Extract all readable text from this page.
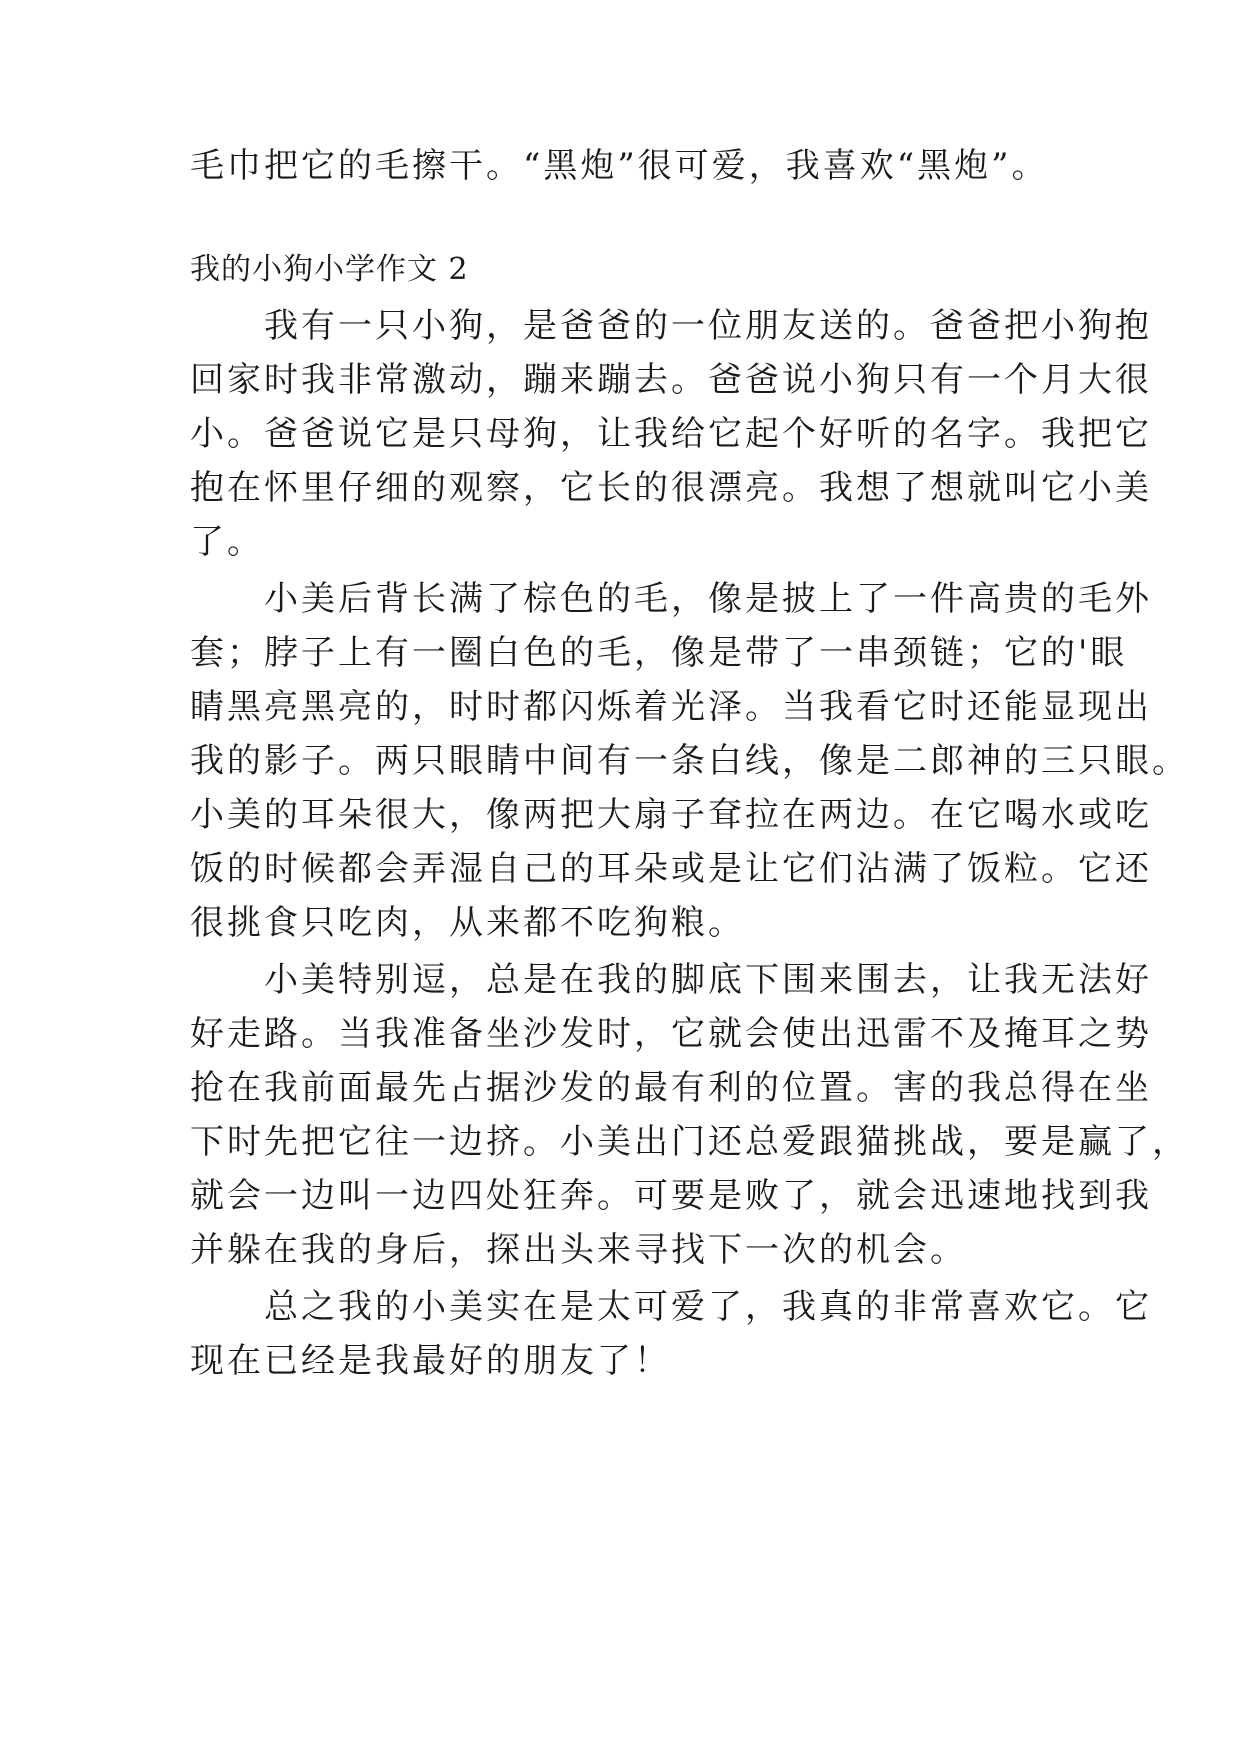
毛巾把它的毛擦干。“黑炮”很可爱，我喜欢“黑炮”。
我的小狗小学作文 2
　　我有一只小狗，是爸爸的一位朋友送的。爸爸把小狗抱
回家时我非常激动，蹦来蹦去。爸爸说小狗只有一个月大很
小。爸爸说它是只母狗，让我给它起个好听的名字。我把它
抱在怀里仔细的观察，它长的很漂亮。我想了想就叫它小美
了。
　　小美后背长满了棕色的毛，像是披上了一件高贵的毛外
套；脖子上有一圈白色的毛，像是带了一串颈链；它的'眼
睛黑亮黑亮的，时时都闪烁着光泽。当我看它时还能显现出
我的影子。两只眼睛中间有一条白线，像是二郎神的三只眼。
小美的耳朵很大，像两把大扇子耷拉在两边。在它喝水或吃
饭的时候都会弄湿自己的耳朵或是让它们沾满了饭粒。它还
很挑食只吃肉，从来都不吃狗粮。
　　小美特别逗，总是在我的脚底下围来围去，让我无法好
好走路。当我准备坐沙发时，它就会使出迅雷不及掩耳之势
抢在我前面最先占据沙发的最有利的位置。害的我总得在坐
下时先把它往一边挤。小美出门还总爱跟猫挑战，要是赢了，
就会一边叫一边四处狂奔。可要是败了，就会迅速地找到我
并躲在我的身后，探出头来寻找下一次的机会。
　　总之我的小美实在是太可爱了，我真的非常喜欢它。它
现在已经是我最好的朋友了！
